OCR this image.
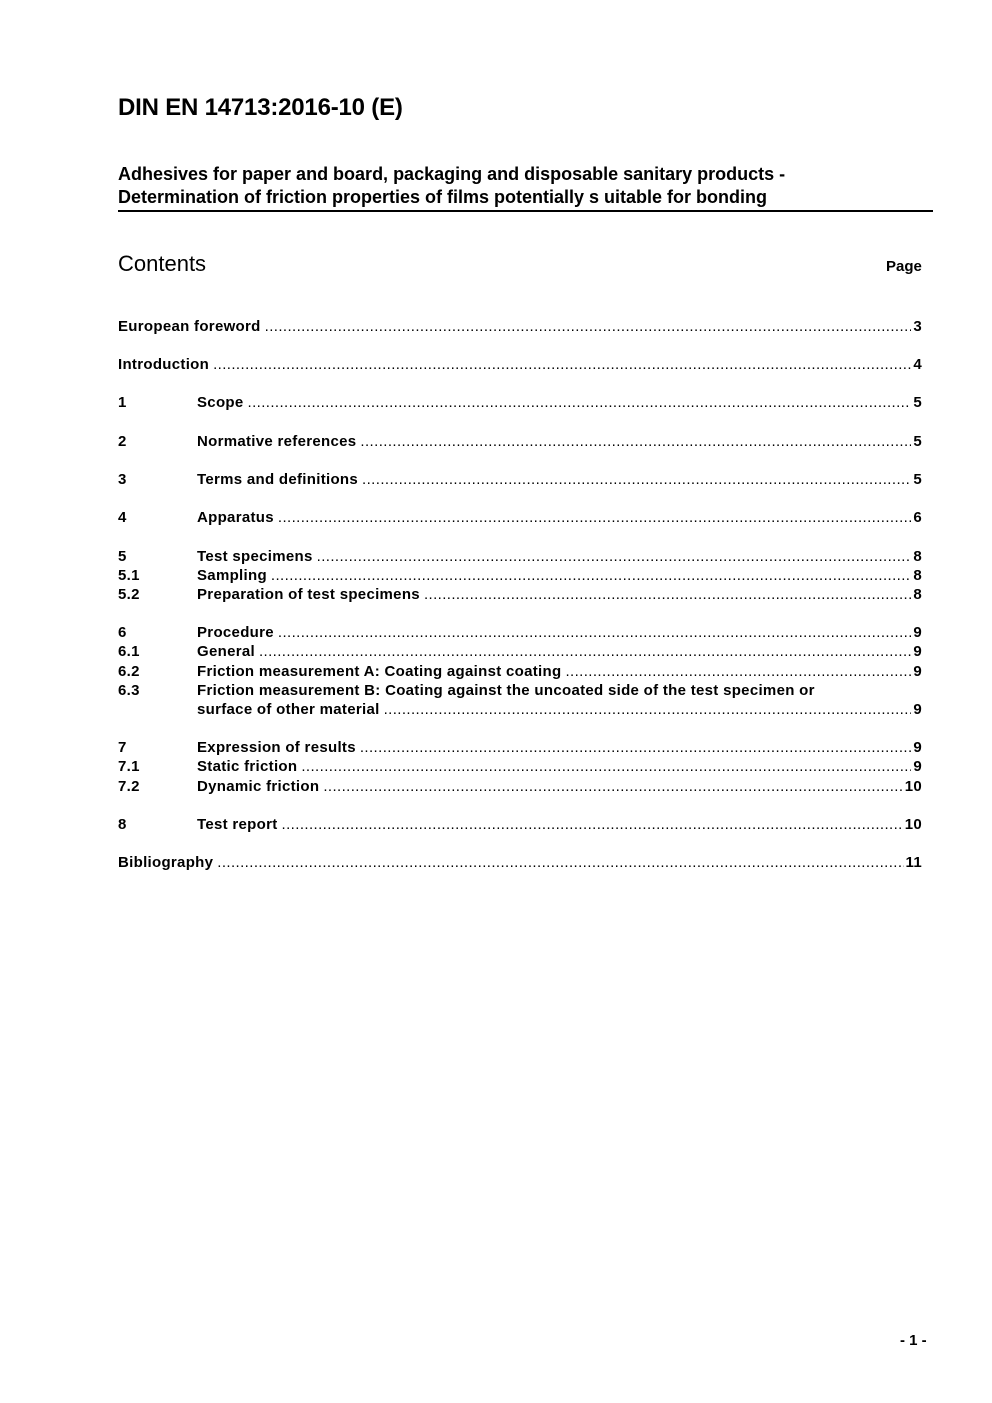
DIN EN 14713:2016-10 (E)
Adhesives for paper and board, packaging and disposable sanitary products -
Determination of friction properties of films potentially s uitable for bonding
Contents	Page
European foreword .....	3
Introduction .....	4
1	Scope .....	5
2	Normative references .....	5
3	Terms and definitions .....	5
4	Apparatus .....	6
5	Test specimens .....	8
5.1	Sampling .....	8
5.2	Preparation of test specimens .....	8
6	Procedure .....	9
6.1	General .....	9
6.2	Friction measurement A: Coating against coating .....	9
6.3	Friction measurement B: Coating against the uncoated side of the test specimen or
surface of other material .....	9
7	Expression of results .....	9
7.1	Static friction .....	9
7.2	Dynamic friction .....	10
8	Test report .....	10
Bibliography .....	11
- 1 -
